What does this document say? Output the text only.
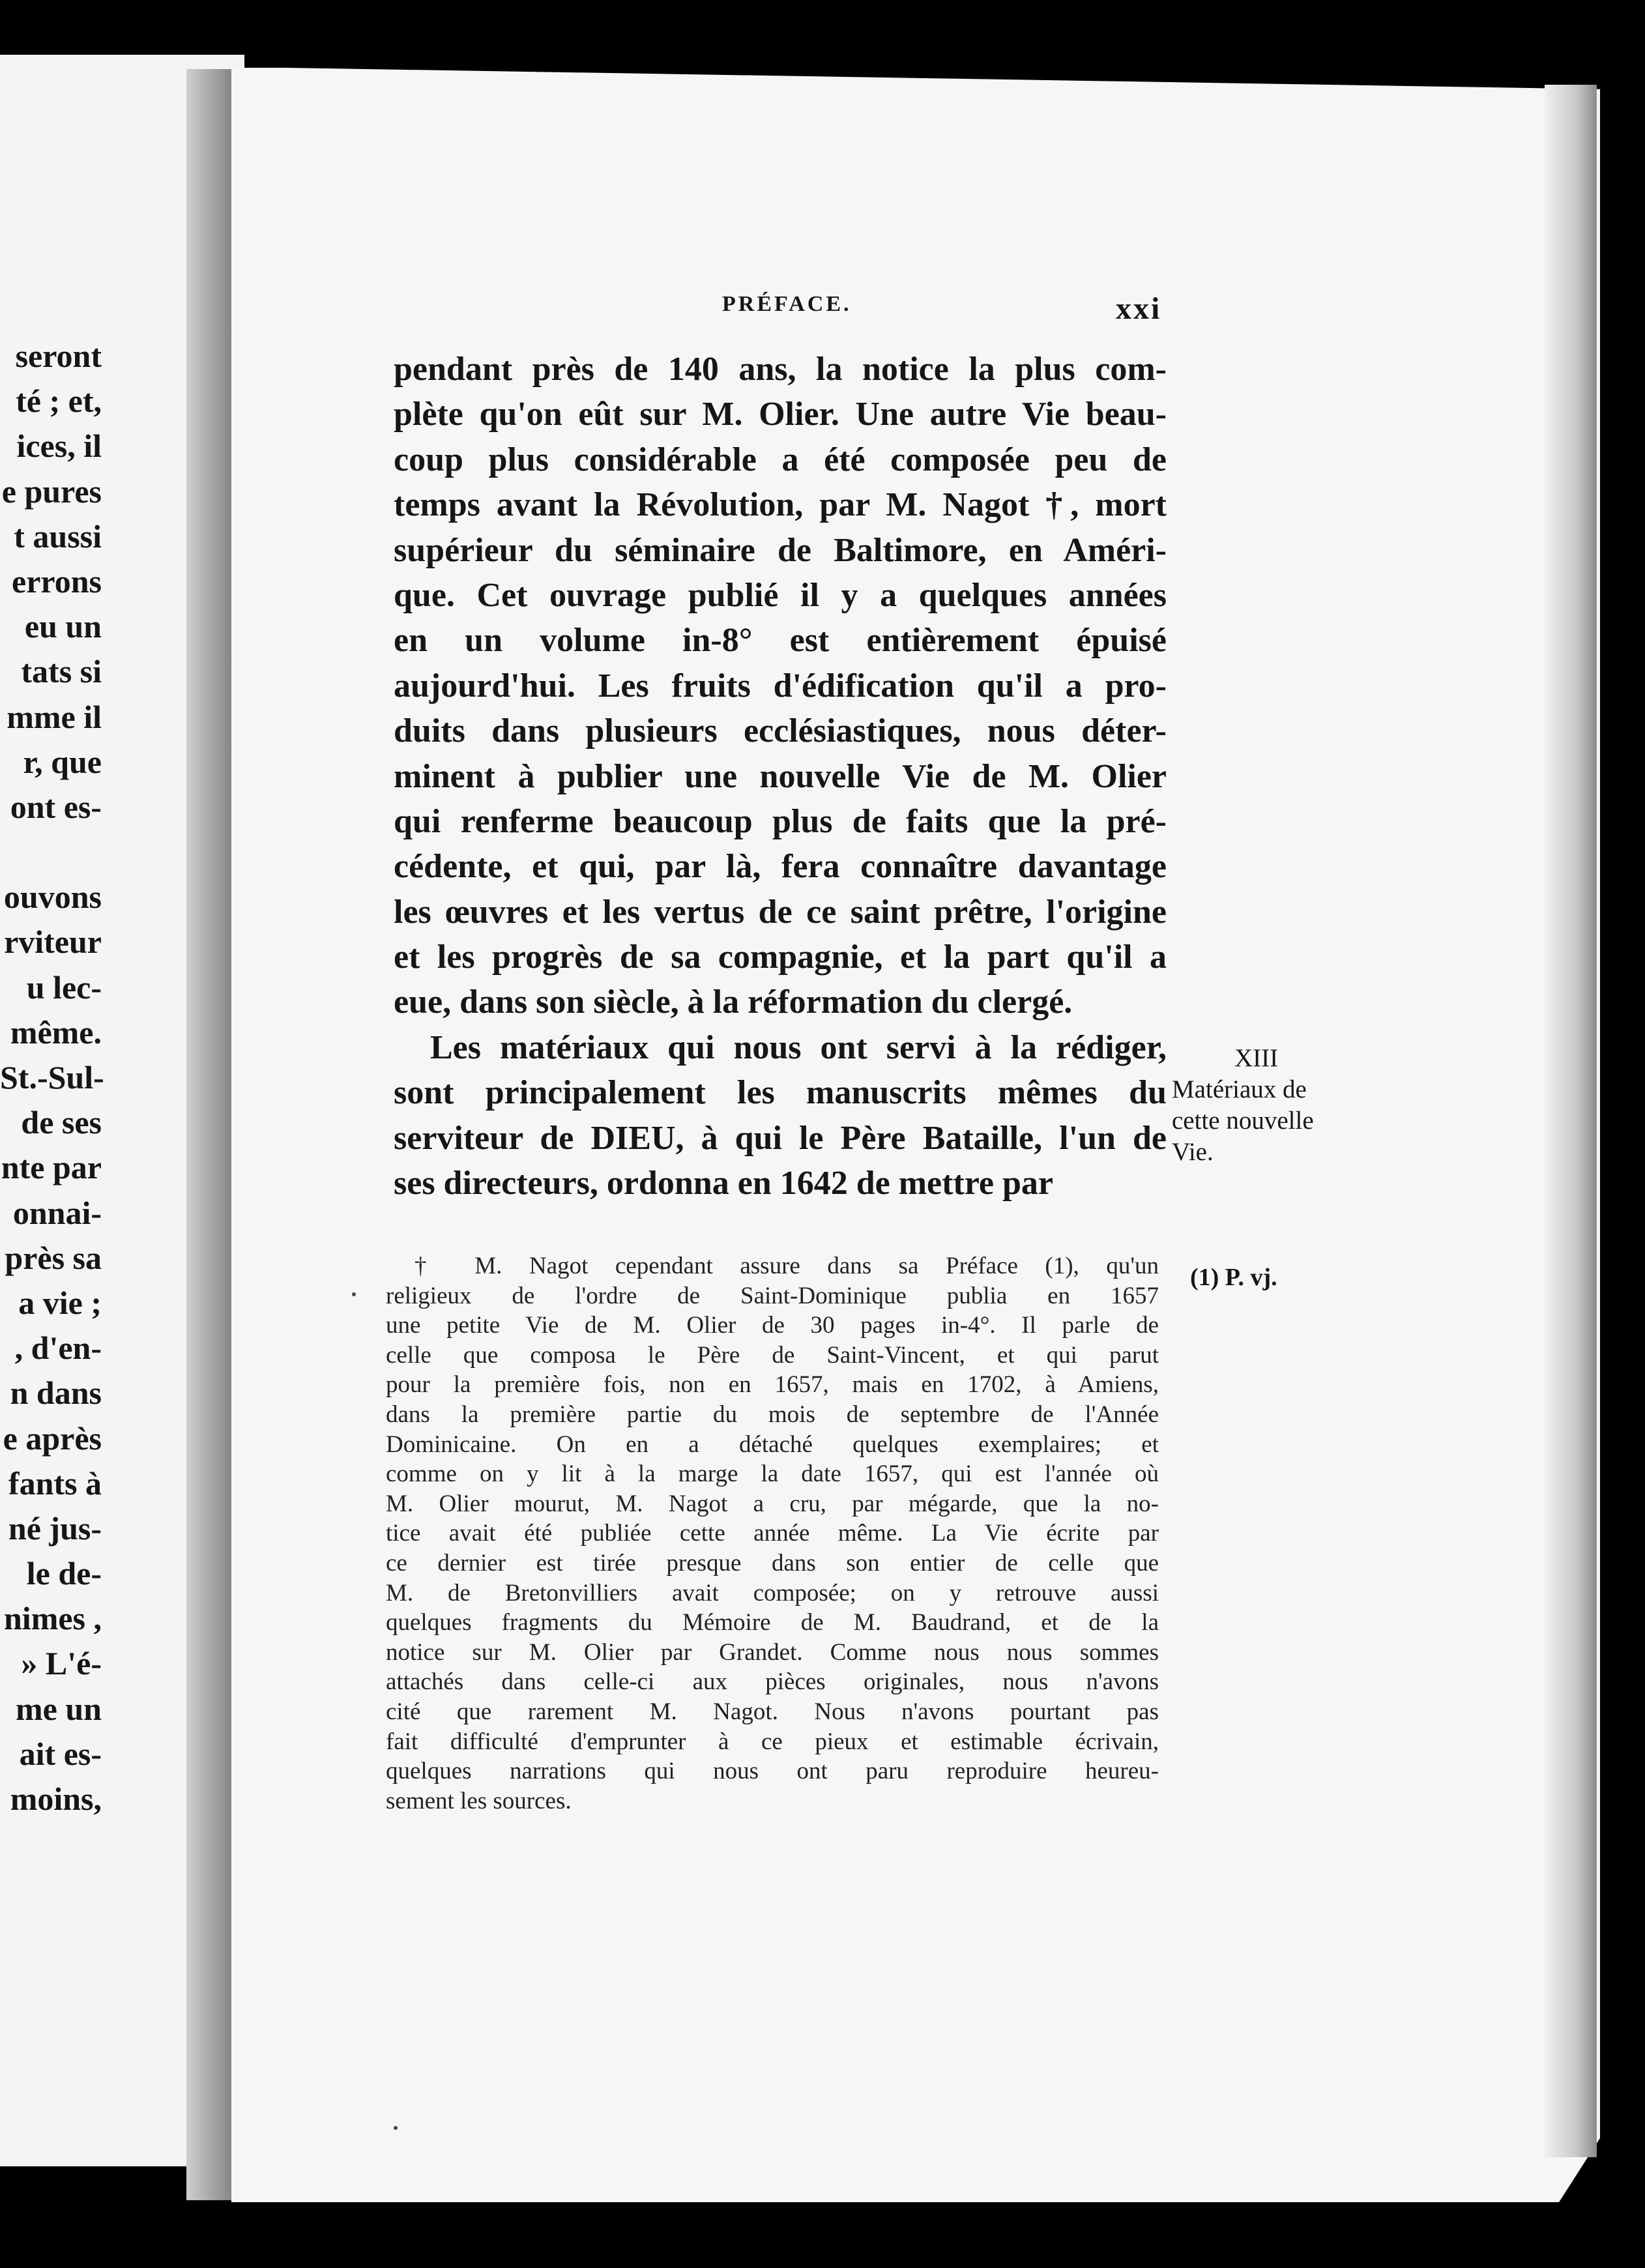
seront
té ; et,
ices, il
e pures
t aussi
errons
eu un
tats si
mme il
r, que
ont es-
ouvons
rviteur
u lec-
même.
St.-Sul-
de ses
nte par
onnai-
près sa
a vie ;
, d'en-
n dans
e après
fants à
né jus-
le de-
nimes ,
» L'é-
me un
ait es-
moins,
PRÉFACE.	xxi
pendant près de 140 ans, la notice la plus com-
plète qu'on eût sur M. Olier. Une autre Vie beau-
coup plus considérable a été composée peu de
temps avant la Révolution, par M. Nagot †, mort
supérieur du séminaire de Baltimore, en Améri-
que. Cet ouvrage publié il y a quelques années
en un volume in-8° est entièrement épuisé
aujourd'hui. Les fruits d'édification qu'il a pro-
duits dans plusieurs ecclésiastiques, nous déter-
minent à publier une nouvelle Vie de M. Olier
qui renferme beaucoup plus de faits que la pré-
cédente, et qui, par là, fera connaître davantage
les œuvres et les vertus de ce saint prêtre, l'origine
et les progrès de sa compagnie, et la part qu'il a
eue, dans son siècle, à la réformation du clergé.
Les matériaux qui nous ont servi à la rédiger,
sont principalement les manuscrits mêmes du
serviteur de DIEU, à qui le Père Bataille, l'un de
ses directeurs, ordonna en 1642 de mettre par
XIII
Matériaux de
cette nouvelle
Vie.
† M. Nagot cependant assure dans sa Préface (1), qu'un
religieux de l'ordre de Saint-Dominique publia en 1657
une petite Vie de M. Olier de 30 pages in-4°. Il parle de
celle que composa le Père de Saint-Vincent, et qui parut
pour la première fois, non en 1657, mais en 1702, à Amiens,
dans la première partie du mois de septembre de l'Année
Dominicaine. On en a détaché quelques exemplaires; et
comme on y lit à la marge la date 1657, qui est l'année où
M. Olier mourut, M. Nagot a cru, par mégarde, que la no-
tice avait été publiée cette année même. La Vie écrite par
ce dernier est tirée presque dans son entier de celle que
M. de Bretonvilliers avait composée; on y retrouve aussi
quelques fragments du Mémoire de M. Baudrand, et de la
notice sur M. Olier par Grandet. Comme nous nous sommes
attachés dans celle-ci aux pièces originales, nous n'avons
cité que rarement M. Nagot. Nous n'avons pourtant pas
fait difficulté d'emprunter à ce pieux et estimable écrivain,
quelques narrations qui nous ont paru reproduire heureu-
sement les sources.
(1) P. vj.
